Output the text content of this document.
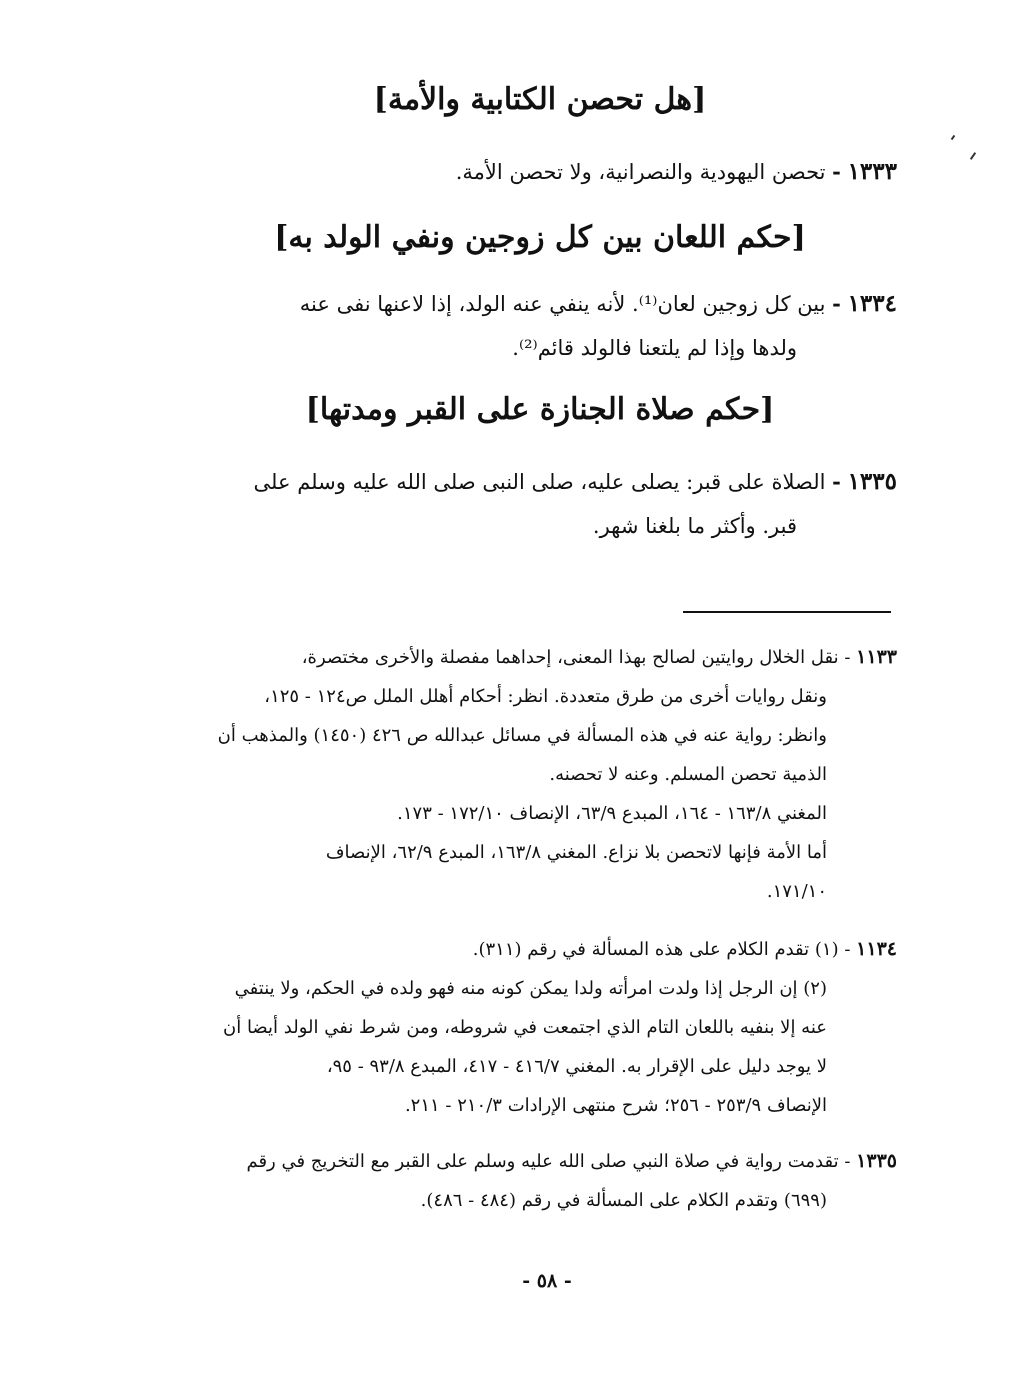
[هل تحصن الكتابية والأمة]
١٣٣٣ - تحصن اليهودية والنصرانية، ولا تحصن الأمة.
[حكم اللعان بين كل زوجين ونفي الولد به]
١٣٣٤ - بين كل زوجين لعان⁽¹⁾. لأنه ينفي عنه الولد، إذا لاعنها نفى عنه
ولدها وإذا لم يلتعنا فالولد قائم⁽²⁾.
[حكم صلاة الجنازة على القبر ومدتها]
١٣٣٥ - الصلاة على قبر: يصلى عليه، صلى النبى صلى الله عليه وسلم على
قبر. وأكثر ما بلغنا شهر.
١١٣٣ - نقل الخلال روايتين لصالح بهذا المعنى، إحداهما مفصلة والأخرى مختصرة،
ونقل روايات أخرى من طرق متعددة. انظر: أحكام أهلل الملل ص١٢٤ - ١٢٥،
وانظر: رواية عنه في هذه المسألة في مسائل عبدالله ص ٤٢٦ (١٤٥٠) والمذهب أن
الذمية تحصن المسلم. وعنه لا تحصنه.
المغني ١٦٣/٨ - ١٦٤، المبدع ٦٣/٩، الإنصاف ١٧٢/١٠ - ١٧٣.
أما الأمة فإنها لاتحصن بلا نزاع. المغني ١٦٣/٨، المبدع ٦٢/٩، الإنصاف
١٧١/١٠.
١١٣٤ - (١) تقدم الكلام على هذه المسألة في رقم (٣١١).
(٢) إن الرجل إذا ولدت امرأته ولدا يمكن كونه منه فهو ولده في الحكم، ولا ينتفي
عنه إلا بنفيه باللعان التام الذي اجتمعت في شروطه، ومن شرط نفي الولد أيضا أن
لا يوجد دليل على الإقرار به. المغني ٤١٦/٧ - ٤١٧، المبدع ٩٣/٨ - ٩٥،
الإنصاف ٢٥٣/٩ - ٢٥٦؛ شرح منتهى الإرادات ٢١٠/٣ - ٢١١.
١٣٣٥ - تقدمت رواية في صلاة النبي صلى الله عليه وسلم على القبر مع التخريج في رقم
(٦٩٩) وتقدم الكلام على المسألة في رقم (٤٨٤ - ٤٨٦).
- ٥٨ -
